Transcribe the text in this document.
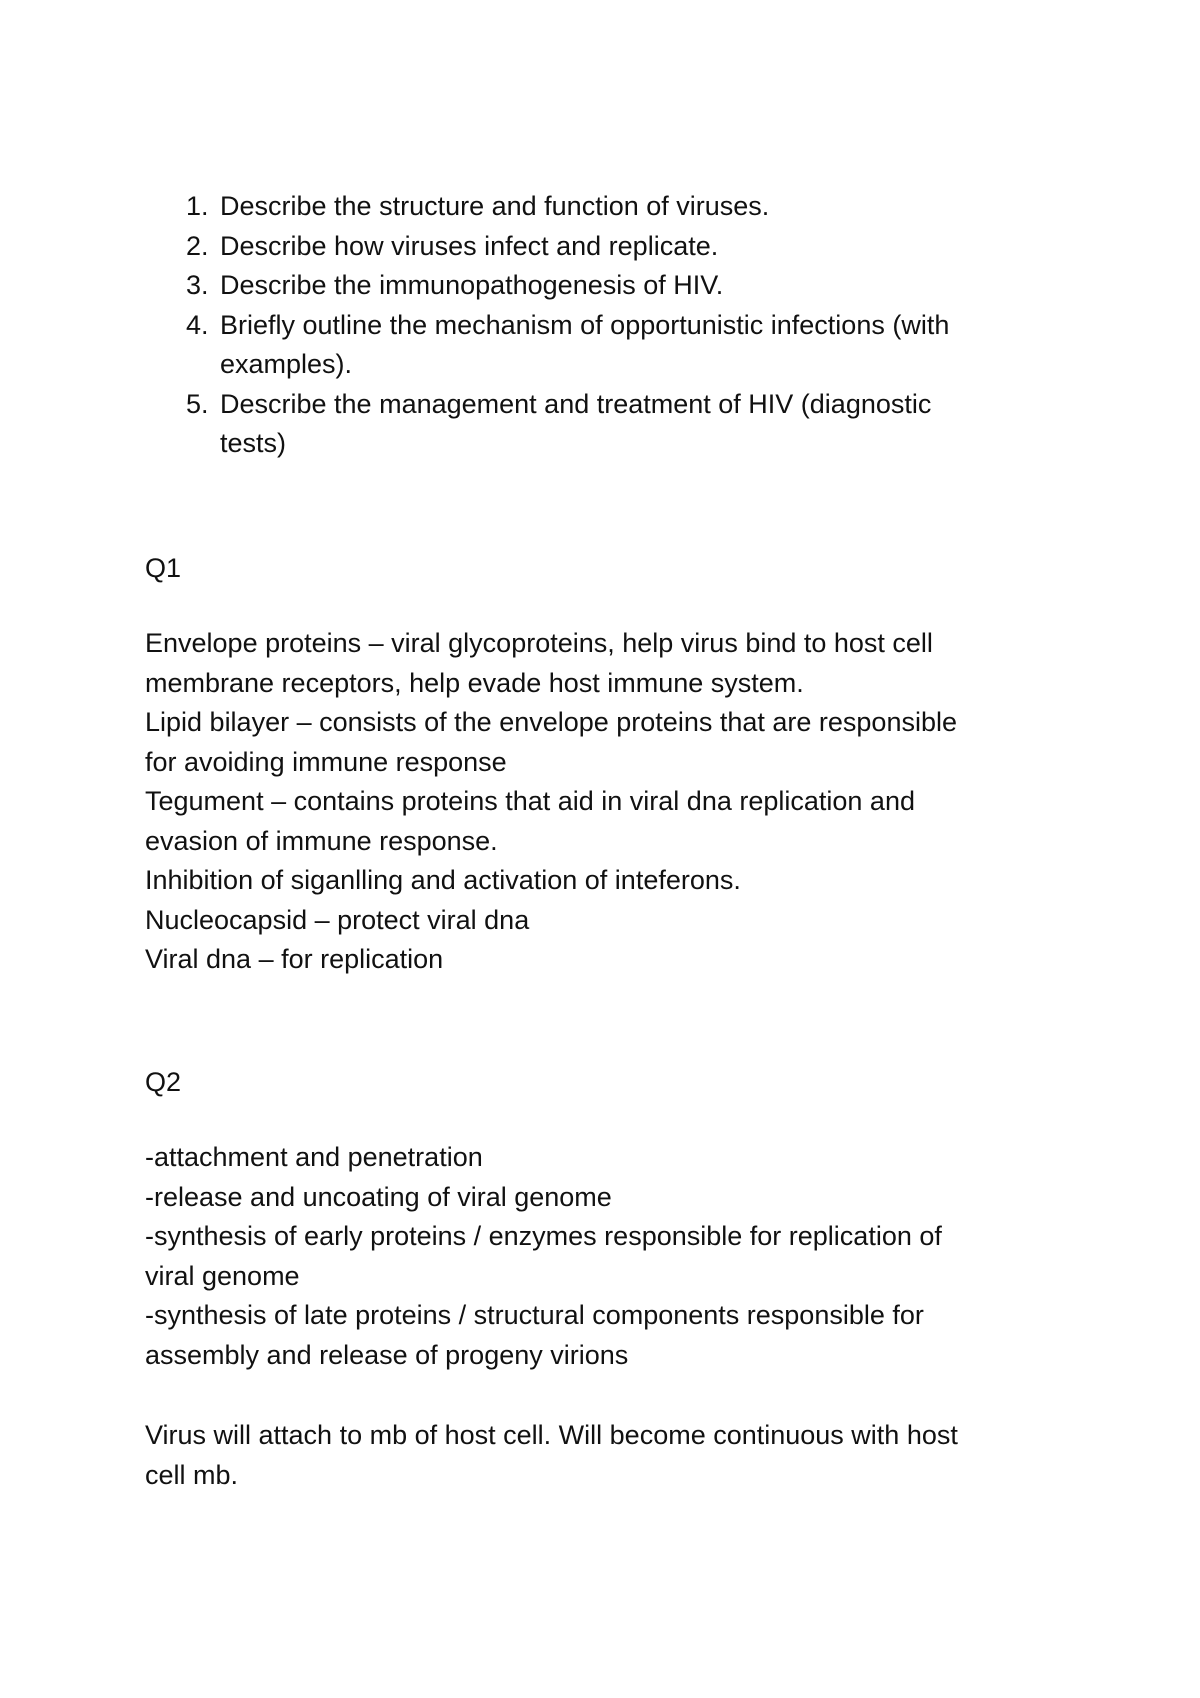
1. Describe the structure and function of viruses.
2. Describe how viruses infect and replicate.
3. Describe the immunopathogenesis of HIV.
4. Briefly outline the mechanism of opportunistic infections (with
examples).
5. Describe the management and treatment of HIV (diagnostic
tests)
Q1
Envelope proteins – viral glycoproteins, help virus bind to host cell
membrane receptors, help evade host immune system.
Lipid bilayer – consists of the envelope proteins that are responsible
for avoiding immune response
Tegument – contains proteins that aid in viral dna replication and
evasion of immune response.
Inhibition of siganlling and activation of inteferons.
Nucleocapsid – protect viral dna
Viral dna – for replication
Q2
-attachment and penetration
-release and uncoating of viral genome
-synthesis of early proteins / enzymes responsible for replication of
viral genome
-synthesis of late proteins / structural components responsible for
assembly and release of progeny virions
Virus will attach to mb of host cell. Will become continuous with host
cell mb.
